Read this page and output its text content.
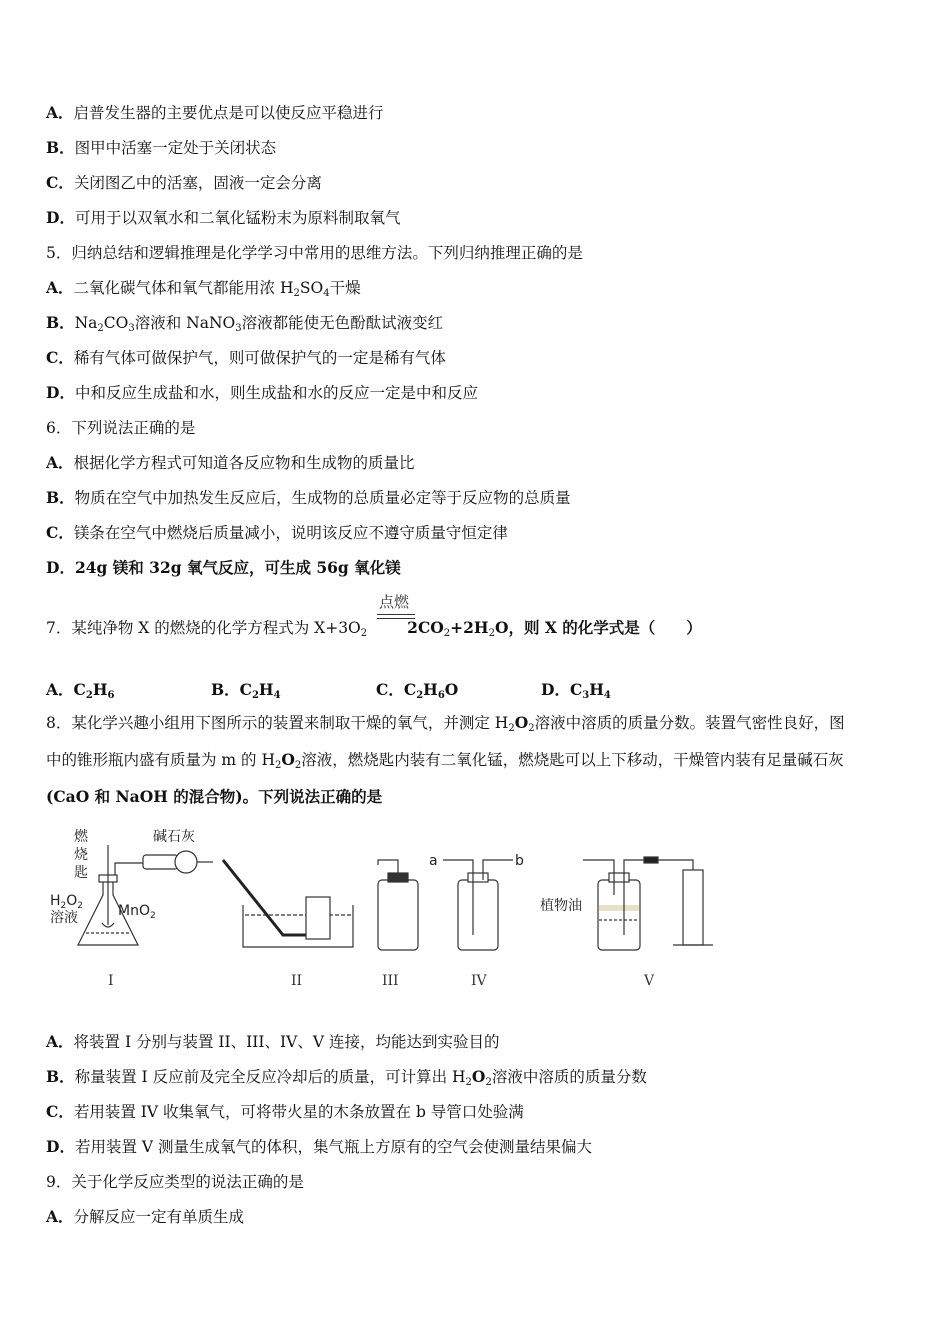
A．启普发生器的主要优点是可以使反应平稳进行
B．图甲中活塞一定处于关闭状态
C．关闭图乙中的活塞，固液一定会分离
D．可用于以双氧水和二氧化锰粉末为原料制取氧气
5．归纳总结和逻辑推理是化学学习中常用的思维方法。下列归纳推理正确的是
A．二氧化碳气体和氧气都能用浓 $H_2SO_4$干燥
B．$Na_2CO_3$溶液和 NaNO$_3$溶液都能使无色酚酞试液变红
C．稀有气体可做保护气，则可做保护气的一定是稀有气体
D．中和反应生成盐和水，则生成盐和水的反应一定是中和反应
6．下列说法正确的是
A．根据化学方程式可知道各反应物和生成物的质量比
B．物质在空气中加热发生反应后，生成物的总质量必定等于反应物的总质量
C．镁条在空气中燃烧后质量减小，说明该反应不遵守质量守恒定律
D．24g 镁和 32g 氧气反应，可生成 56g 氧化镁
点燃
7．某纯净物 X 的燃烧的化学方程式为 $X+3O_2$	$2CO_2+2H_2O$，则 X 的化学式是（　　）
A．$C_2H_6$	B．$C_2H_4$	C．$C_2H_6O$	D．$C_3H_4$
8．某化学兴趣小组用下图所示的装置来制取干燥的氧气，并测定 $H_2O_2$溶液中溶质的质量分数。装置气密性良好，图
中的锥形瓶内盛有质量为 m 的 $H_2O_2$溶液，燃烧匙内装有二氧化锰，燃烧匙可以上下移动，干燥管内装有足量碱石灰
(CaO 和 NaOH 的混合物)。下列说法正确的是
燃
烧
匙
碱石灰
$H_2O_2$
溶液	MnO$_2$
a	b
植物油
I	II	III	IV	V
A．将装置 I 分别与装置 II、III、IV、V 连接，均能达到实验目的
B．称量装置 I 反应前及完全反应冷却后的质量，可计算出 $H_2O_2$溶液中溶质的质量分数
C．若用装置 IV 收集氧气，可将带火星的木条放置在 b 导管口处验满
D．若用装置 V 测量生成氧气的体积，集气瓶上方原有的空气会使测量结果偏大
9．关于化学反应类型的说法正确的是
A．分解反应一定有单质生成
